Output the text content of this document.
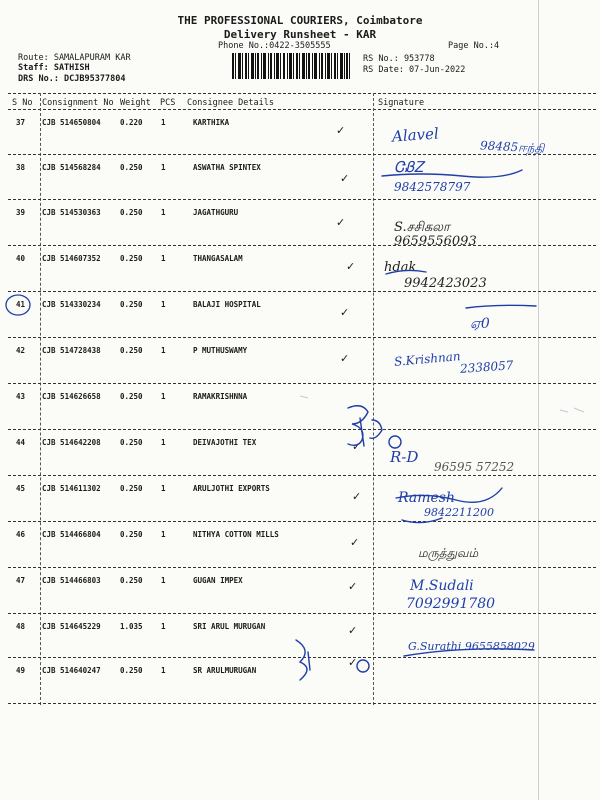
THE PROFESSIONAL COURIERS, Coimbatore
Delivery Runsheet - KAR
Phone No.:0422-3505555	Page No.:4
Route: SAMALAPURAM KAR
Staff: SATHISH
DRS No.: DCJB95377804
RS No.: 953778
RS Date: 07-Jun-2022
S No Consignment No Weight PCS Consignee Details	Signature
37 CJB 514650804	0.220 1	KARTHIKA
✓	Alavel
98485ஈந்தி
38 CJB 514568284	0.250 1	ASWATHA SPINTEX
✓
ᏣᏰᏃ
9842578797
39 CJB 514530363	0.250 1	JAGATHGURU
✓	S.சசிகலா
9659556093
40 CJB 514607352	0.250 1	THANGASALAM
✓ hdak
9942423023
41 CJB 514330234	0.250 1	BALAJI HOSPITAL
✓
ஏ0
42 CJB 514728438	0.250 1	P MUTHUSWAMY
✓	S.Krishnan
2338057
43 CJB 514626658	0.250 1	RAMAKRISHNNA
44 CJB 514642208	0.250 1	DEIVAJOTHI TEX	✓
R-D
96595 57252
45 CJB 514611302	0.250 1	ARULJOTHI EXPORTS
✓	Ramesh
9842211200
46 CJB 514466804	0.250 1	NITHYA COTTON MILLS
✓
மருத்துவம்
47 CJB 514466803	0.250 1	GUGAN IMPEX	✓	M.Sudali
7092991780
48 CJB 514645229	1.035 1	SRI ARUL MURUGAN	✓
G.Surathi 9655858029
49 CJB 514640247	0.250 1	SR ARULMURUGAN
✓
